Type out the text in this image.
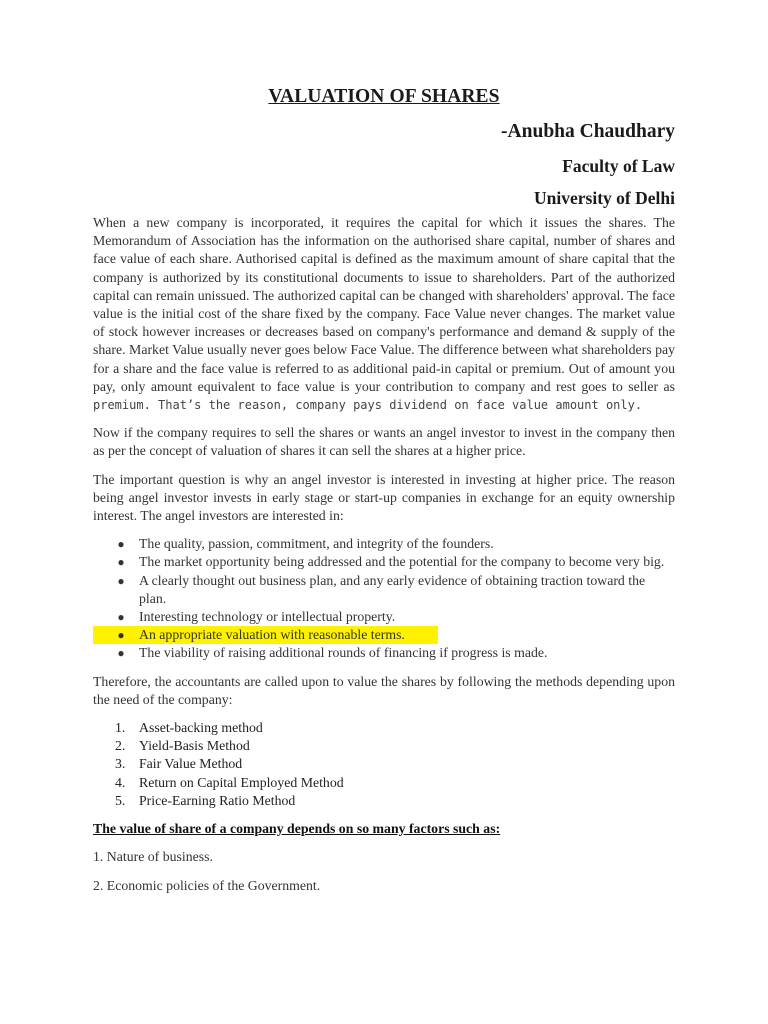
VALUATION OF SHARES

-Anubha Chaudhary

Faculty of Law

University of Delhi

When a new company is incorporated, it requires the capital for which it issues the shares. The Memorandum of Association has the information on the authorised share capital, number of shares and face value of each share. Authorised capital is defined as the maximum amount of share capital that the company is authorized by its constitutional documents to issue to shareholders. Part of the authorized capital can remain unissued. The authorized capital can be changed with shareholders' approval. The face value is the initial cost of the share fixed by the company. Face Value never changes. The market value of stock however increases or decreases based on company's performance and demand & supply of the share. Market Value usually never goes below Face Value. The difference between what shareholders pay for a share and the face value is referred to as additional paid-in capital or premium. Out of amount you pay, only amount equivalent to face value is your contribution to company and rest goes to seller as premium. That’s the reason, company pays dividend on face value amount only.

Now if the company requires to sell the shares or wants an angel investor to invest in the company then as per the concept of valuation of shares it can sell the shares at a higher price.

The important question is why an angel investor is interested in investing at higher price. The reason being angel investor invests in early stage or start-up companies in exchange for an equity ownership interest. The angel investors are interested in:

● The quality, passion, commitment, and integrity of the founders.
● The market opportunity being addressed and the potential for the company to become very big.
● A clearly thought out business plan, and any early evidence of obtaining traction toward the plan.
● Interesting technology or intellectual property.
● An appropriate valuation with reasonable terms.
● The viability of raising additional rounds of financing if progress is made.

Therefore, the accountants are called upon to value the shares by following the methods depending upon the need of the company:

1. Asset-backing method
2. Yield-Basis Method
3. Fair Value Method
4. Return on Capital Employed Method
5. Price-Earning Ratio Method

The value of share of a company depends on so many factors such as:

1. Nature of business.

2. Economic policies of the Government.
